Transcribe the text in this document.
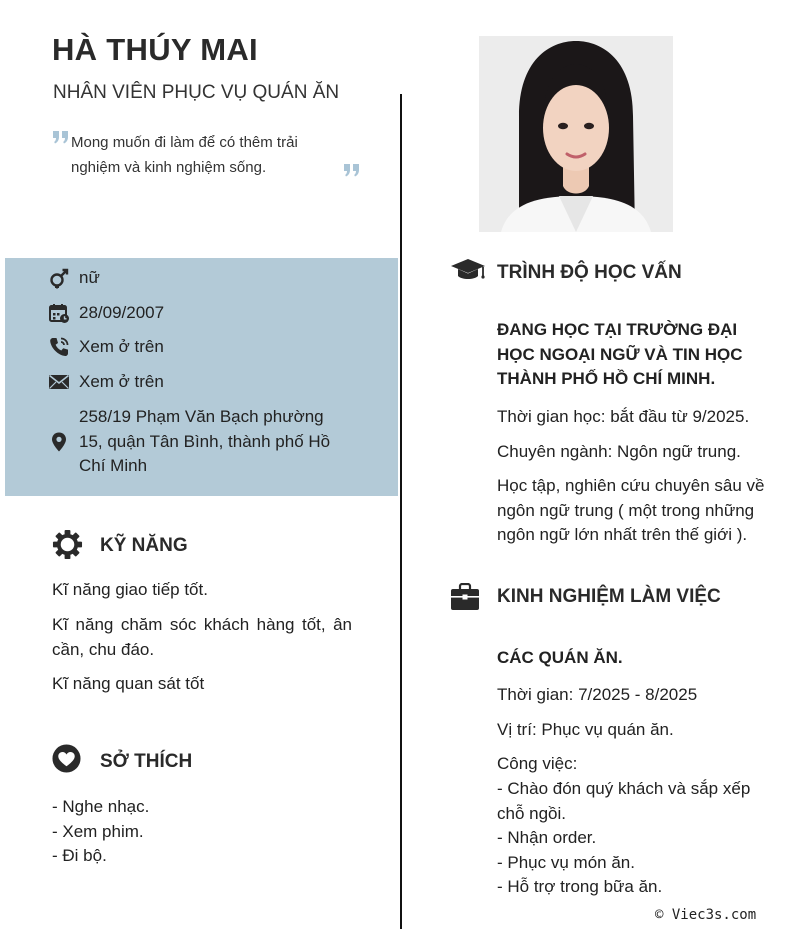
HÀ THÚY MAI
NHÂN VIÊN PHỤC VỤ QUÁN ĂN
Mong muốn đi làm để có thêm trải nghiệm và kinh nghiệm sống.
nữ
28/09/2007
Xem ở trên
Xem ở trên
258/19 Phạm Văn Bạch phường 15, quận Tân Bình, thành phố Hồ Chí Minh
KỸ NĂNG
Kĩ năng giao tiếp tốt.
Kĩ năng chăm sóc khách hàng tốt, ân cần, chu đáo.
Kĩ năng quan sát tốt
SỞ THÍCH
- Nghe nhạc.
- Xem phim.
- Đi bộ.
TRÌNH ĐỘ HỌC VẤN
ĐANG HỌC TẠI TRƯỜNG ĐẠI HỌC NGOẠI NGỮ VÀ TIN HỌC THÀNH PHỐ HỒ CHÍ MINH.
Thời gian học: bắt đầu từ 9/2025.
Chuyên ngành: Ngôn ngữ trung.
Học tập, nghiên cứu chuyên sâu về ngôn ngữ trung ( một trong những ngôn ngữ lớn nhất trên thế giới ).
KINH NGHIỆM LÀM VIỆC
CÁC QUÁN ĂN.
Thời gian: 7/2025 - 8/2025
Vị trí: Phục vụ quán ăn.
Công việc:
- Chào đón quý khách và sắp xếp chỗ ngồi.
- Nhận order.
- Phục vụ món ăn.
- Hỗ trợ trong bữa ăn.
© Viec3s.com
